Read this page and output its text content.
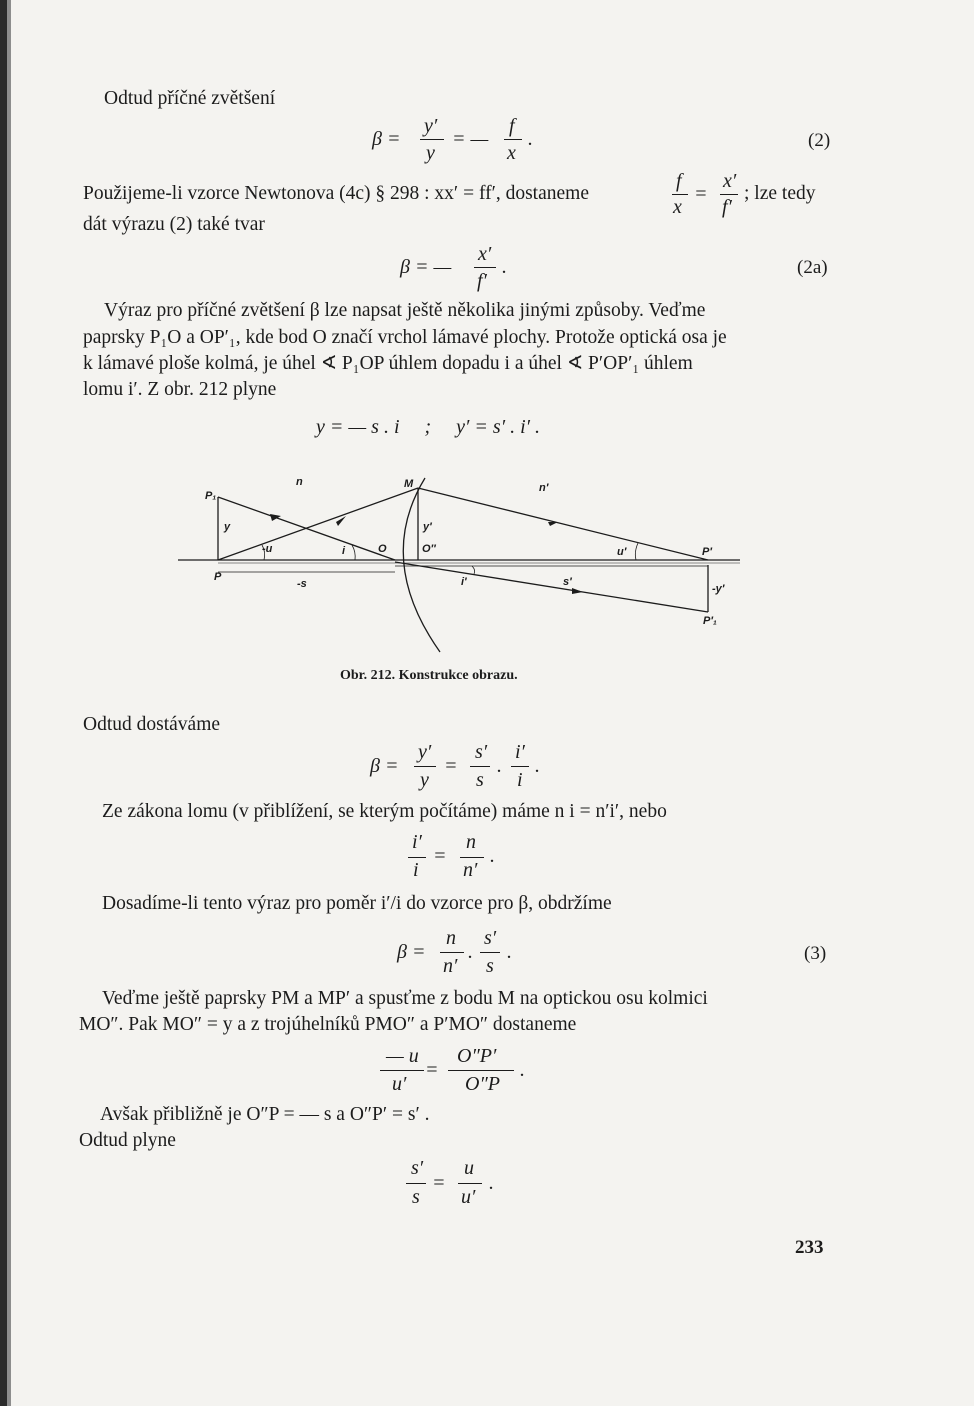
Odtud příčné zvětšení
β =
y′
y
= —
f
x
.	(2)
Použijeme-li vzorce Newtonova (4c) § 298 : xx′ = ff′, dostaneme
f
x
=
x′
f′
; lze tedy
dát výrazu (2) také tvar
β = —
x′
f′
.	(2a)
Výraz pro příčné zvětšení β lze napsat ještě několika jinými způsoby. Veďme
paprsky P₁O a OP′₁, kde bod O značí vrchol lámavé plochy. Protože optická osa je
k lámavé ploše kolmá, je úhel ∢ P₁OP úhlem dopadu i a úhel ∢ P′OP′₁ úhlem
lomu i′. Z obr. 212 plyne
y = — s . i     ;     y′ = s′ . i′ .
P₁
n	M	n′
y	y′
-u	i	O	O″	u′	P′
P
-s	i′	s′
-y′
P′₁
Obr. 212. Konstrukce obrazu.
Odtud dostáváme
β =
y′
y
=
s′
s
.
i′
i
.
Ze zákona lomu (v přiblížení, se kterým počítáme) máme n i = n′i′, nebo
i′
i
=
n
n′
.
Dosadíme-li tento výraz pro poměr i′/i do vzorce pro β, obdržíme
β =
n
n′
.
s′
s
.	(3)
Veďme ještě paprsky PM a MP′ a spusťme z bodu M na optickou osu kolmici
MO″. Pak MO″ = y a z trojúhelníků PMO″ a P′MO″ dostaneme
— u
u′
=
O″P′
O″P
.
Avšak přibližně je O″P = — s a O″P′ = s′ .
Odtud plyne
s′
s
=
u
u′
.
233
